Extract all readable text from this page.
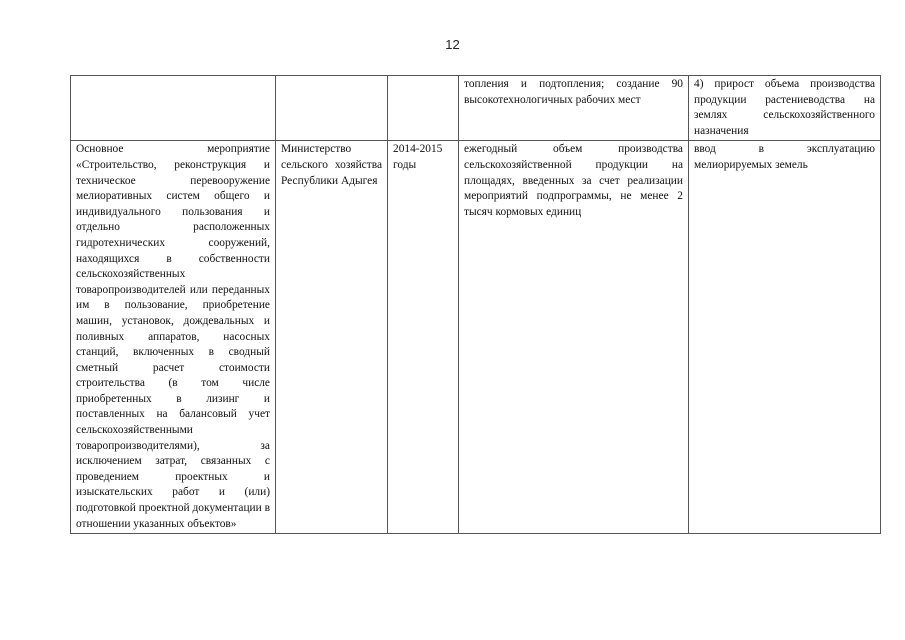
12
			топления и подтопления; создание 90 высокотехнологичных рабочих мест	4) прирост объема производства продукции растениеводства на землях сельскохозяйственного назначения
Основное мероприятие «Строительство, реконструкция и техническое перевооружение мелиоративных систем общего и индивидуального пользования и отдельно расположенных гидротехнических сооружений, находящихся в собственности сельскохозяйственных товаропроизводителей или переданных им в пользование, приобретение машин, установок, дождевальных и поливных аппаратов, насосных станций, включенных в сводный сметный расчет стоимости строительства (в том числе приобретенных в лизинг и поставленных на балансовый учет сельскохозяйственными товаропроизводителями), за исключением затрат, связанных с проведением проектных и изыскательских работ и (или) подготовкой проектной документации в отношении указанных объектов»	Министерство сельского хозяйства Республики Адыгея	2014-2015 годы	ежегодный объем производства сельскохозяйственной продукции на площадях, введенных за счет реализации мероприятий подпрограммы, не менее 2 тысяч кормовых единиц	ввод в эксплуатацию мелиорируемых земель
